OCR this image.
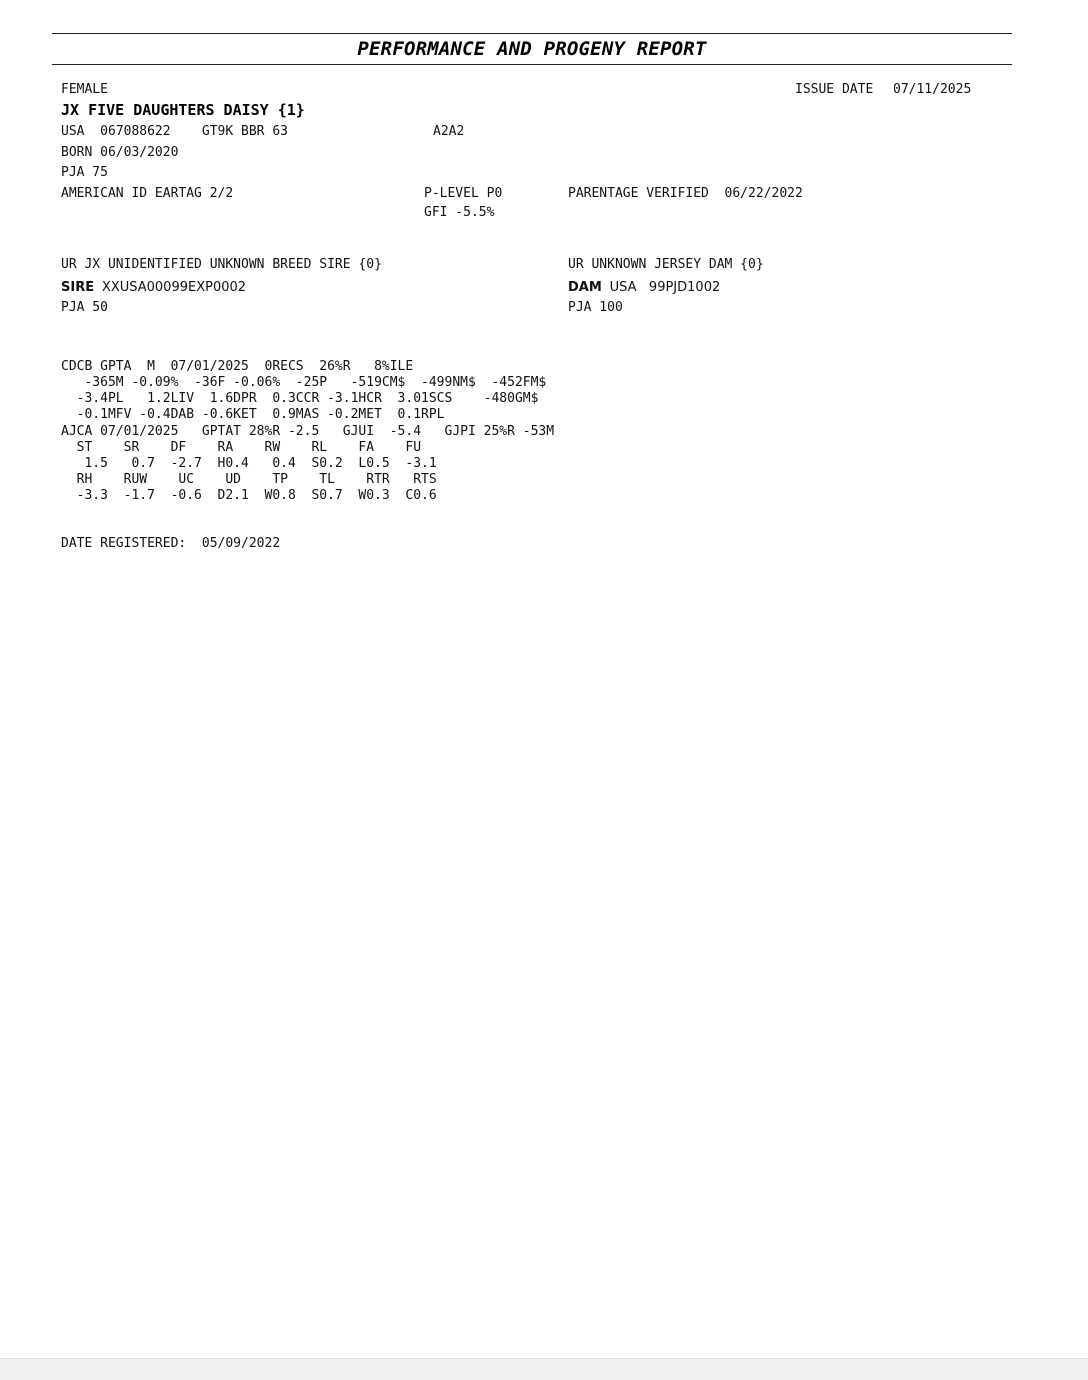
PERFORMANCE AND PROGENY REPORT
FEMALE	ISSUE DATE 07/11/2025
JX FIVE DAUGHTERS DAISY {1}
USA  067088622    GT9K BBR 63	A2A2
BORN 06/03/2020
PJA 75
AMERICAN ID EARTAG 2/2	P-LEVEL P0	PARENTAGE VERIFIED  06/22/2022
GFI -5.5%
UR JX UNIDENTIFIED UNKNOWN BREED SIRE {0}	UR UNKNOWN JERSEY DAM {0}
SIRE XXUSA00099EXP0002	DAM USA   99PJD1002
PJA 50	PJA 100
CDCB GPTA  M  07/01/2025  0RECS  26%R   8%ILE
-365M -0.09%  -36F -0.06%  -25P   -519CM$  -499NM$  -452FM$
-3.4PL   1.2LIV  1.6DPR  0.3CCR -3.1HCR  3.01SCS    -480GM$
-0.1MFV -0.4DAB -0.6KET  0.9MAS -0.2MET  0.1RPL
AJCA 07/01/2025   GPTAT 28%R -2.5   GJUI  -5.4   GJPI 25%R -53M
ST    SR    DF    RA    RW    RL    FA    FU
1.5   0.7  -2.7  H0.4   0.4  S0.2  L0.5  -3.1
RH    RUW    UC    UD    TP    TL    RTR   RTS
-3.3  -1.7  -0.6  D2.1  W0.8  S0.7  W0.3  C0.6
DATE REGISTERED:  05/09/2022
